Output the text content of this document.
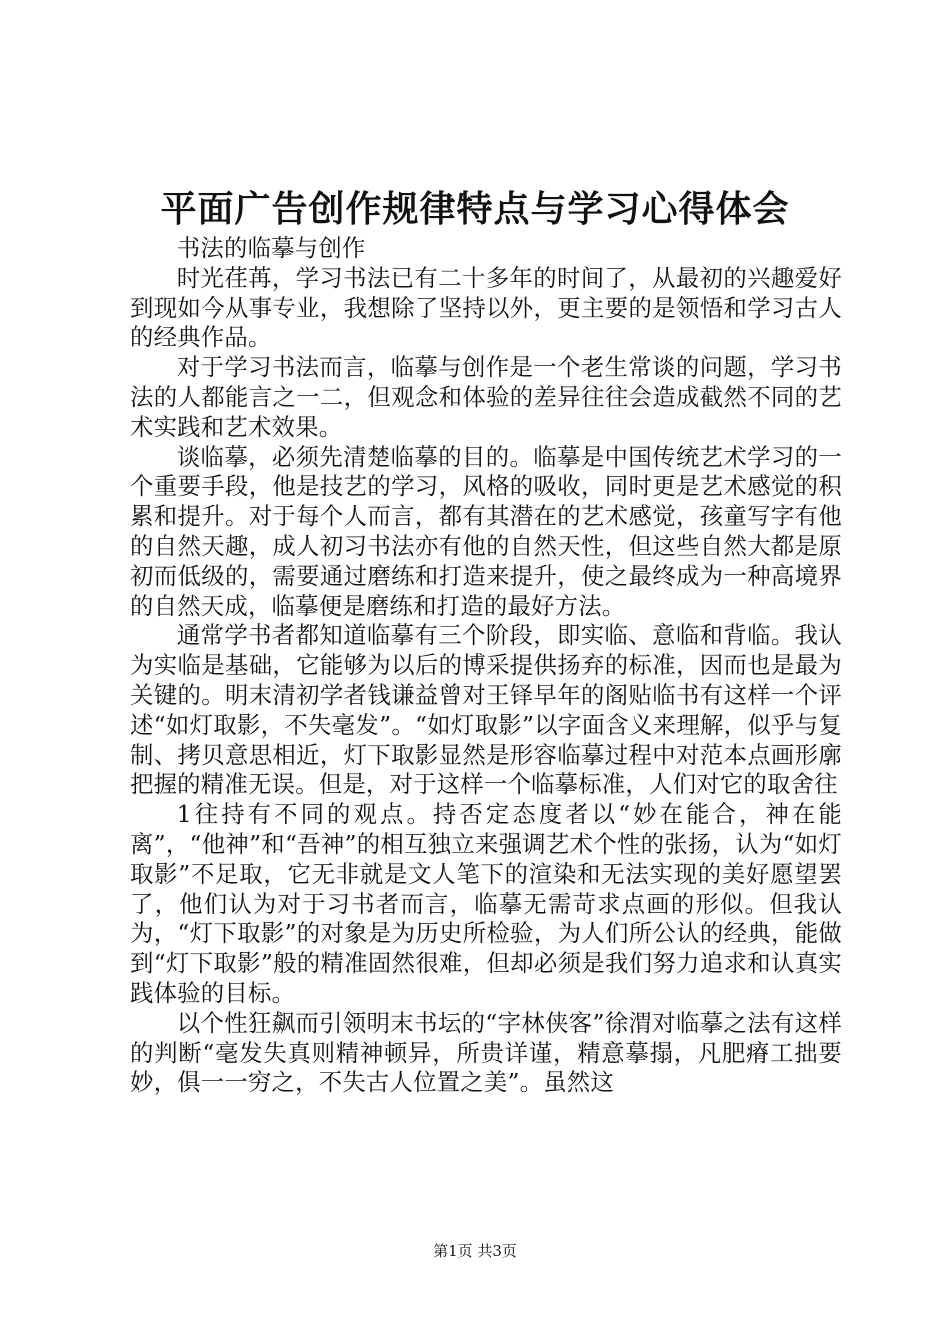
平面广告创作规律特点与学习心得体会

书法的临摹与创作

时光荏苒，学习书法已有二十多年的时间了，从最初的兴趣爱好到现如今从事专业，我想除了坚持以外，更主要的是领悟和学习古人的经典作品。

对于学习书法而言，临摹与创作是一个老生常谈的问题，学习书法的人都能言之一二，但观念和体验的差异往往会造成截然不同的艺术实践和艺术效果。

谈临摹，必须先清楚临摹的目的。临摹是中国传统艺术学习的一个重要手段，他是技艺的学习，风格的吸收，同时更是艺术感觉的积累和提升。对于每个人而言，都有其潜在的艺术感觉，孩童写字有他的自然天趣，成人初习书法亦有他的自然天性，但这些自然大都是原初而低级的，需要通过磨练和打造来提升，使之最终成为一种高境界的自然天成，临摹便是磨练和打造的最好方法。

通常学书者都知道临摹有三个阶段，即实临、意临和背临。我认为实临是基础，它能够为以后的博采提供扬弃的标准，因而也是最为关键的。明末清初学者钱谦益曾对王铎早年的阁贴临书有这样一个评述“如灯取影，不失毫发”。“如灯取影”以字面含义来理解，似乎与复制、拷贝意思相近，灯下取影显然是形容临摹过程中对范本点画形廓把握的精准无误。但是，对于这样一个临摹标准，人们对它的取舍往

1往持有不同的观点。持否定态度者以“妙在能合，神在能离”，“他神”和“吾神”的相互独立来强调艺术个性的张扬，认为“如灯取影”不足取，它无非就是文人笔下的渲染和无法实现的美好愿望罢了，他们认为对于习书者而言，临摹无需苛求点画的形似。但我认为，“灯下取影”的对象是为历史所检验，为人们所公认的经典，能做到“灯下取影”般的精准固然很难，但却必须是我们努力追求和认真实践体验的目标。

以个性狂飙而引领明末书坛的“字林侠客”徐渭对临摹之法有这样的判断“毫发失真则精神顿异，所贵详谨，精意摹搨，凡肥瘠工拙要妙，俱一一穷之，不失古人位置之美”。虽然这

第1页 共3页
